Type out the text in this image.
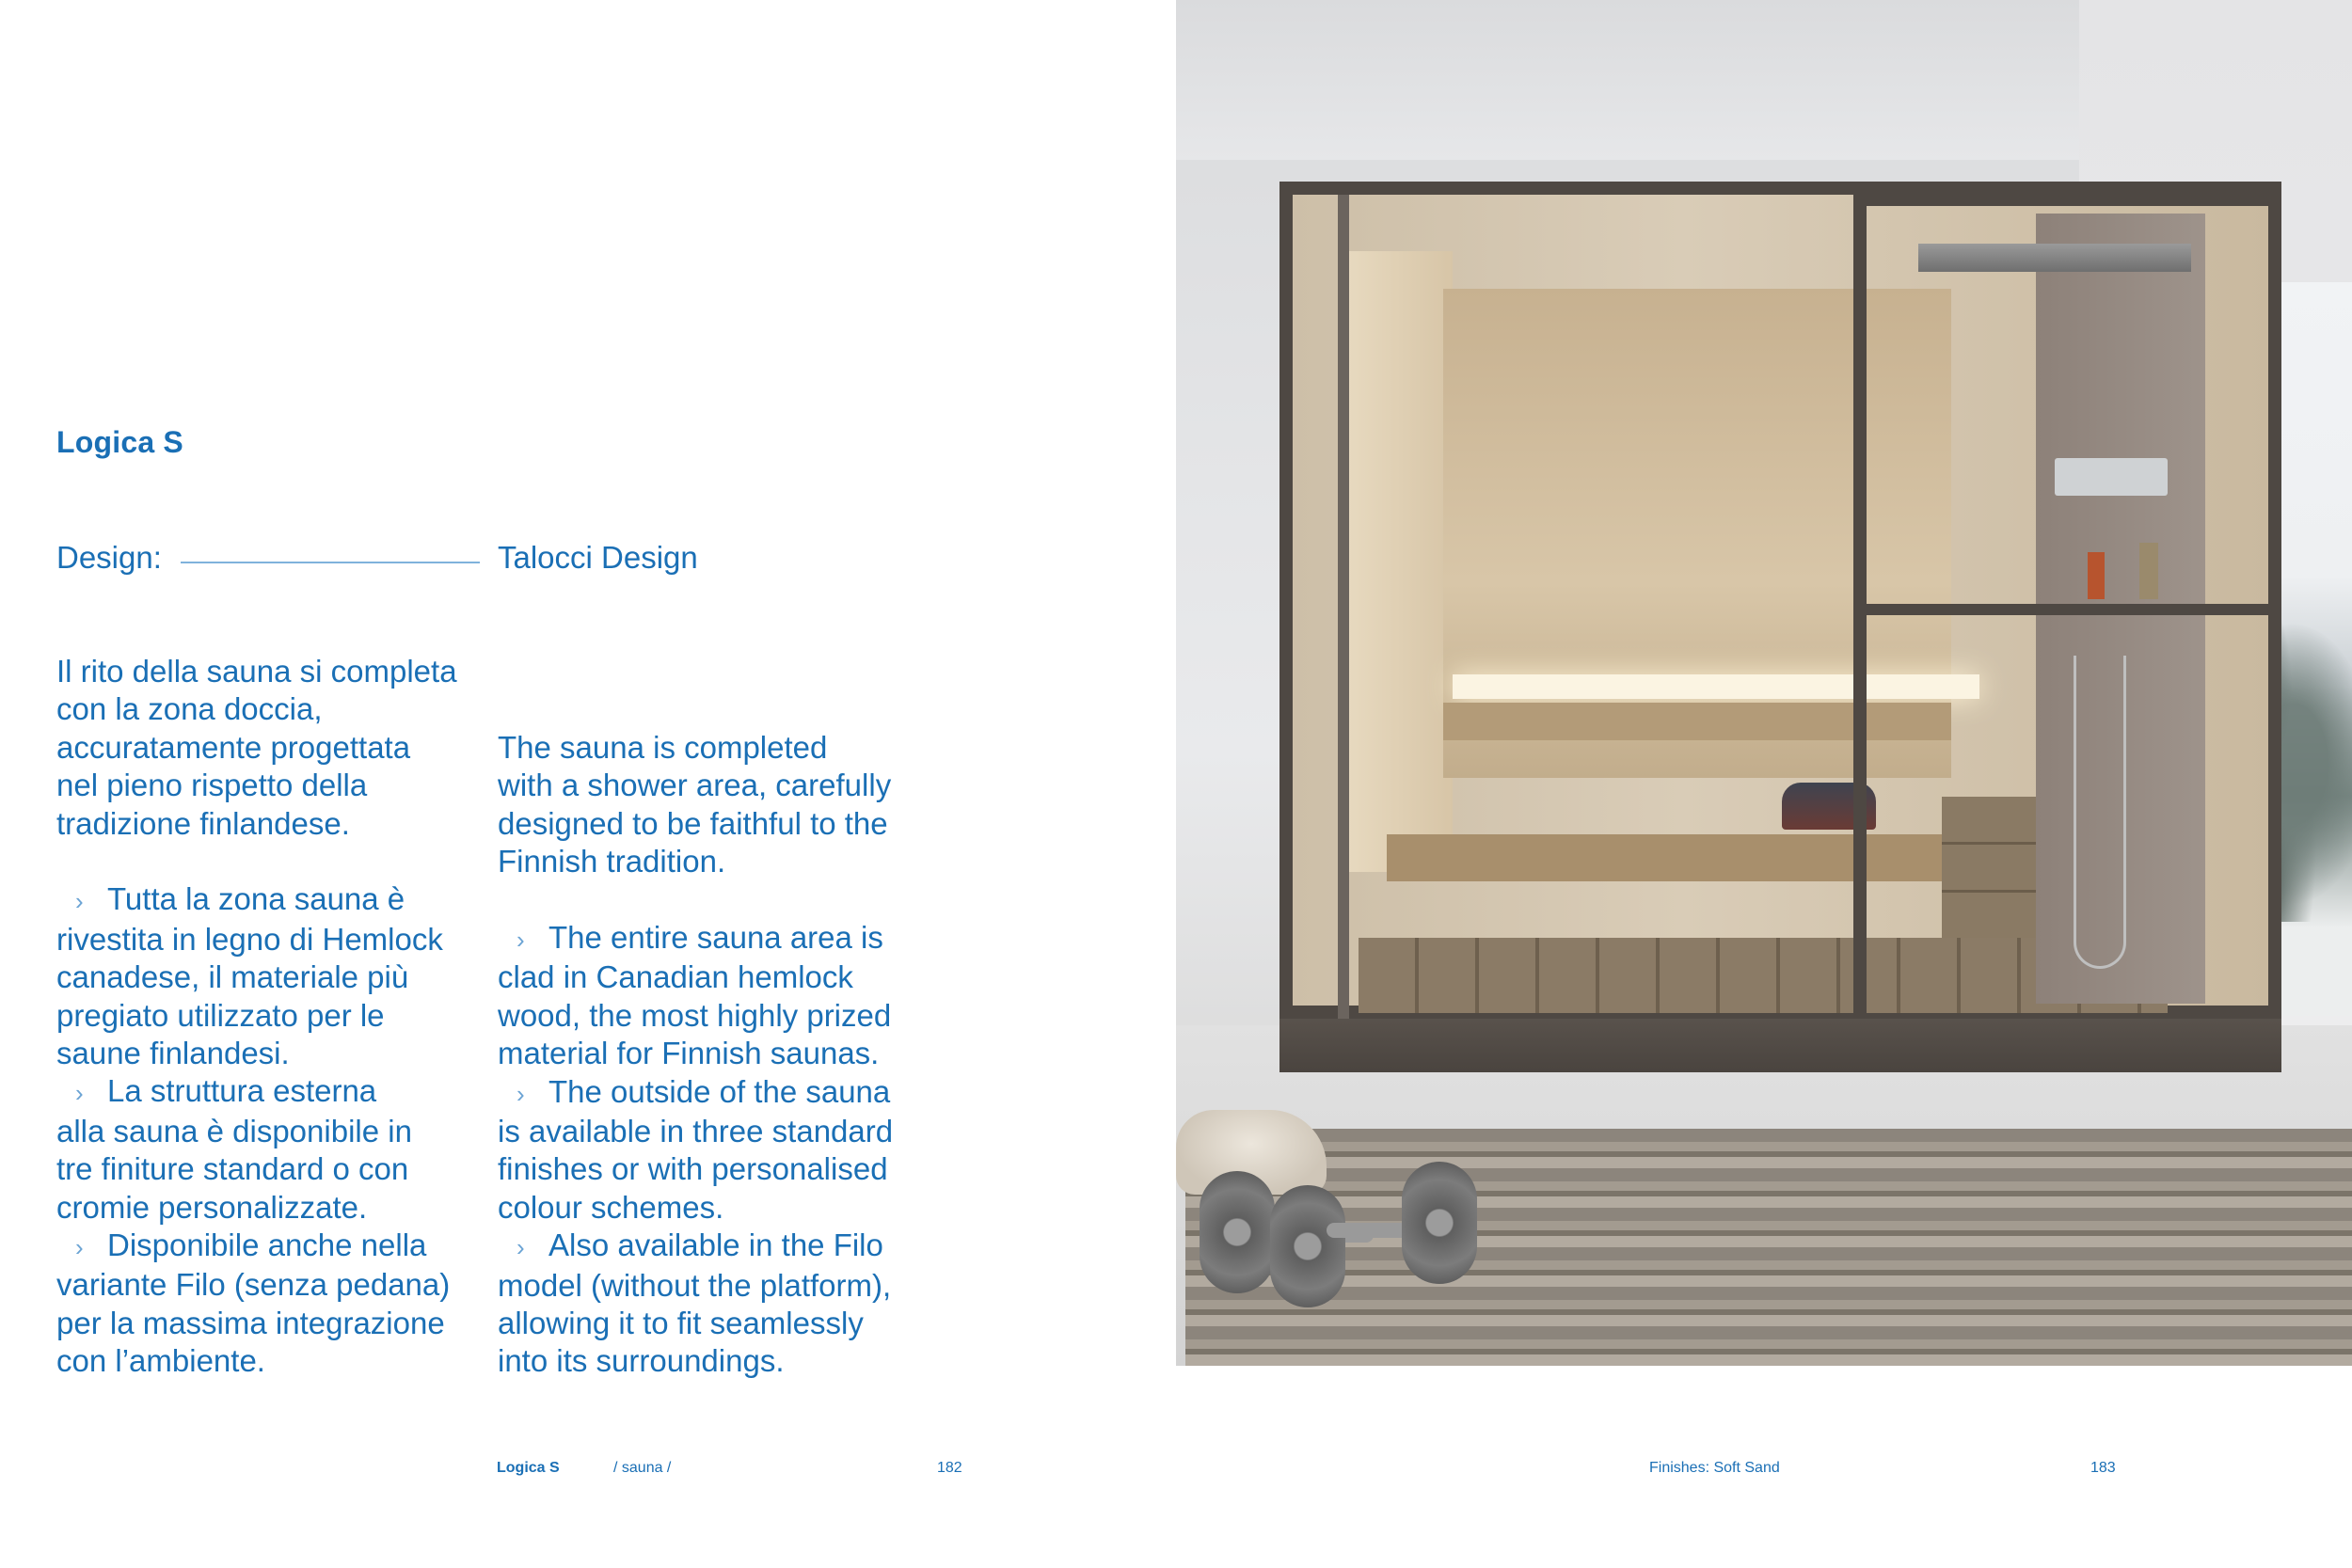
Logica S
Design:	Talocci Design

Il rito della sauna si completa

con la zona doccia,

accuratamente progettata

nel pieno rispetto della

tradizione finlandese.

› Tutta la zona sauna è

rivestita in legno di Hemlock

canadese, il materiale più

pregiato utilizzato per le

saune finlandesi.

› La struttura esterna

alla sauna è disponibile in

tre finiture standard o con

cromie personalizzate.

› Disponibile anche nella

variante Filo (senza pedana)

per la massima integrazione

con l’ambiente.

The sauna is completed

with a shower area, carefully

designed to be faithful to the

Finnish tradition.

› The entire sauna area is

clad in Canadian hemlock

wood, the most highly prized

material for Finnish saunas.

› The outside of the sauna

is available in three standard

finishes or with personalised

colour schemes.

› Also available in the Filo

model (without the platform),

allowing it to fit seamlessly

into its surroundings.

Logica S	/ sauna /	182	Finishes: Soft Sand	183
